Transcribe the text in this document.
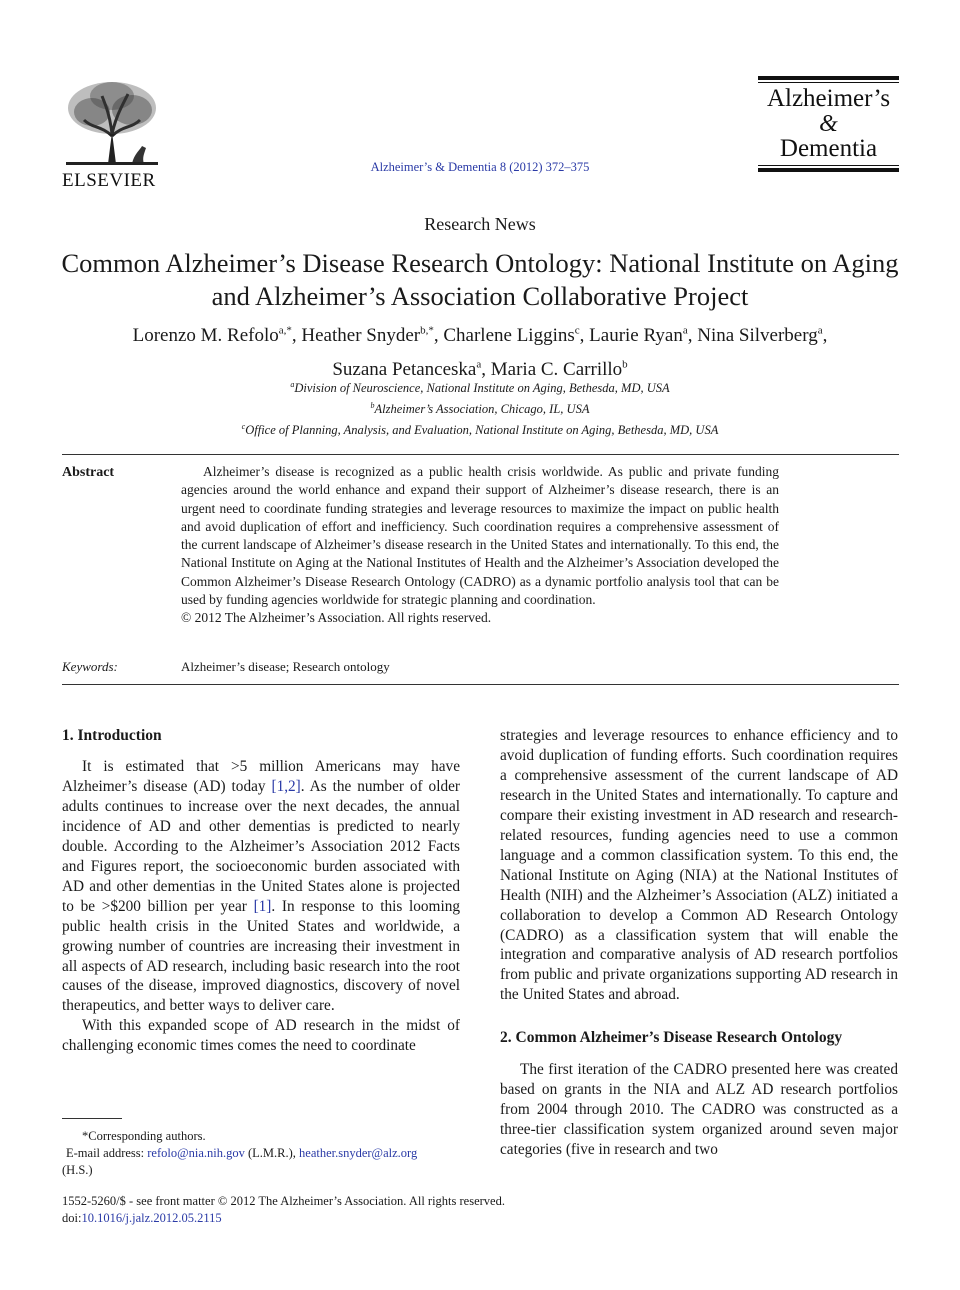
ELSEVIER
Alzheimer’s & Dementia 8 (2012) 372–375
Alzheimer’s
&
Dementia
Research News
Common Alzheimer’s Disease Research Ontology: National Institute on Aging and Alzheimer’s Association Collaborative Project
Lorenzo M. Refolo$^{a,*}$, Heather Snyder$^{b,*}$, Charlene Liggins$^c$, Laurie Ryan$^a$, Nina Silverberg$^a$,
Suzana Petanceska$^a$, Maria C. Carrillo$^b$
$^a$Division of Neuroscience, National Institute on Aging, Bethesda, MD, USA
$^b$Alzheimer’s Association, Chicago, IL, USA
$^c$Office of Planning, Analysis, and Evaluation, National Institute on Aging, Bethesda, MD, USA
Abstract	Alzheimer’s disease is recognized as a public health crisis worldwide. As public and private funding agencies around the world enhance and expand their support of Alzheimer’s disease research, there is an urgent need to coordinate funding strategies and leverage resources to maximize the impact on public health and avoid duplication of effort and inefficiency. Such coordination requires a comprehensive assessment of the current landscape of Alzheimer’s disease research in the United States and internationally. To this end, the National Institute on Aging at the National Institutes of Health and the Alzheimer’s Association developed the Common Alzheimer’s Disease Research Ontology (CADRO) as a dynamic portfolio analysis tool that can be used by funding agencies worldwide for strategic planning and coordination.
© 2012 The Alzheimer’s Association. All rights reserved.
Keywords:	Alzheimer’s disease; Research ontology
1. Introduction

It is estimated that >5 million Americans may have Alzheimer’s disease (AD) today [1,2]. As the number of older adults continues to increase over the next decades, the annual incidence of AD and other dementias is predicted to nearly double. According to the Alzheimer’s Association 2012 Facts and Figures report, the socioeconomic burden associated with AD and other dementias in the United States alone is projected to be >$200 billion per year [1]. In response to this looming public health crisis in the United States and worldwide, a growing number of countries are increasing their investment in all aspects of AD research, including basic research into the root causes of the disease, improved diagnostics, discovery of novel therapeutics, and better ways to deliver care.

With this expanded scope of AD research in the midst of challenging economic times comes the need to coordinate

strategies and leverage resources to enhance efficiency and to avoid duplication of funding efforts. Such coordination requires a comprehensive assessment of the current landscape of AD research in the United States and internationally. To capture and compare their existing investment in AD research and research-related resources, funding agencies need to use a common language and a common classification system. To this end, the National Institute on Aging (NIA) at the National Institutes of Health (NIH) and the Alzheimer’s Association (ALZ) initiated a collaboration to develop a Common AD Research Ontology (CADRO) as a classification system that will enable the integration and comparative analysis of AD research portfolios from public and private organizations supporting AD research in the United States and abroad.

2. Common Alzheimer’s Disease Research Ontology

The first iteration of the CADRO presented here was created based on grants in the NIA and ALZ AD research portfolios from 2004 through 2010. The CADRO was constructed as a three-tier classification system organized around seven major categories (five in research and two

*Corresponding authors.
E-mail address: refolo@nia.nih.gov (L.M.R.), heather.snyder@alz.org
(H.S.)
1552-5260/$ - see front matter © 2012 The Alzheimer’s Association. All rights reserved.
doi:10.1016/j.jalz.2012.05.2115
